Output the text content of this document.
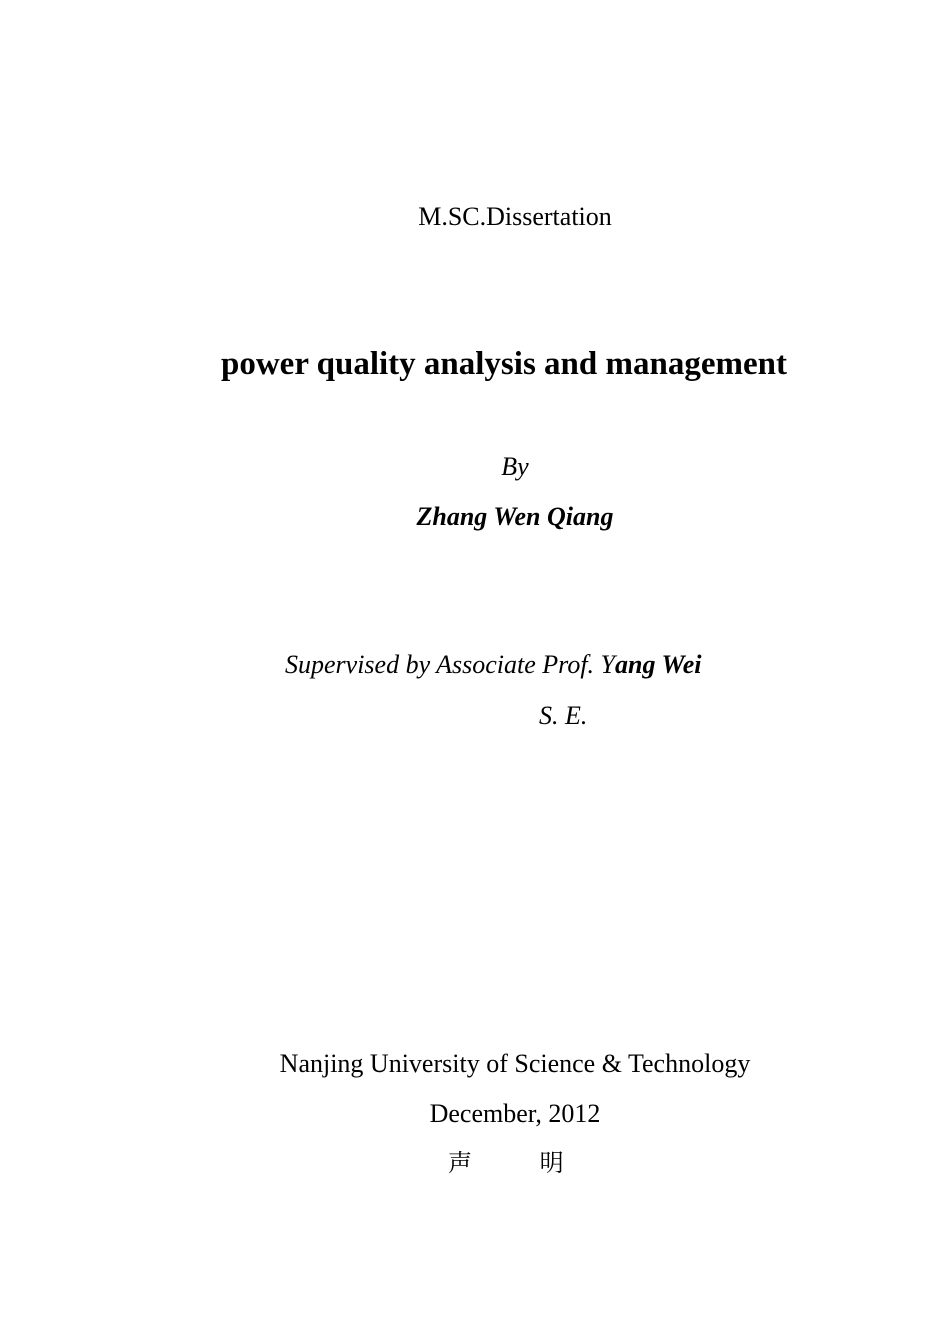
M.SC.Dissertation
power quality analysis and management
By
Zhang Wen Qiang
Supervised by Associate Prof. Yang Wei
S. E.
Nanjing University of Science & Technology
December, 2012
声 明
